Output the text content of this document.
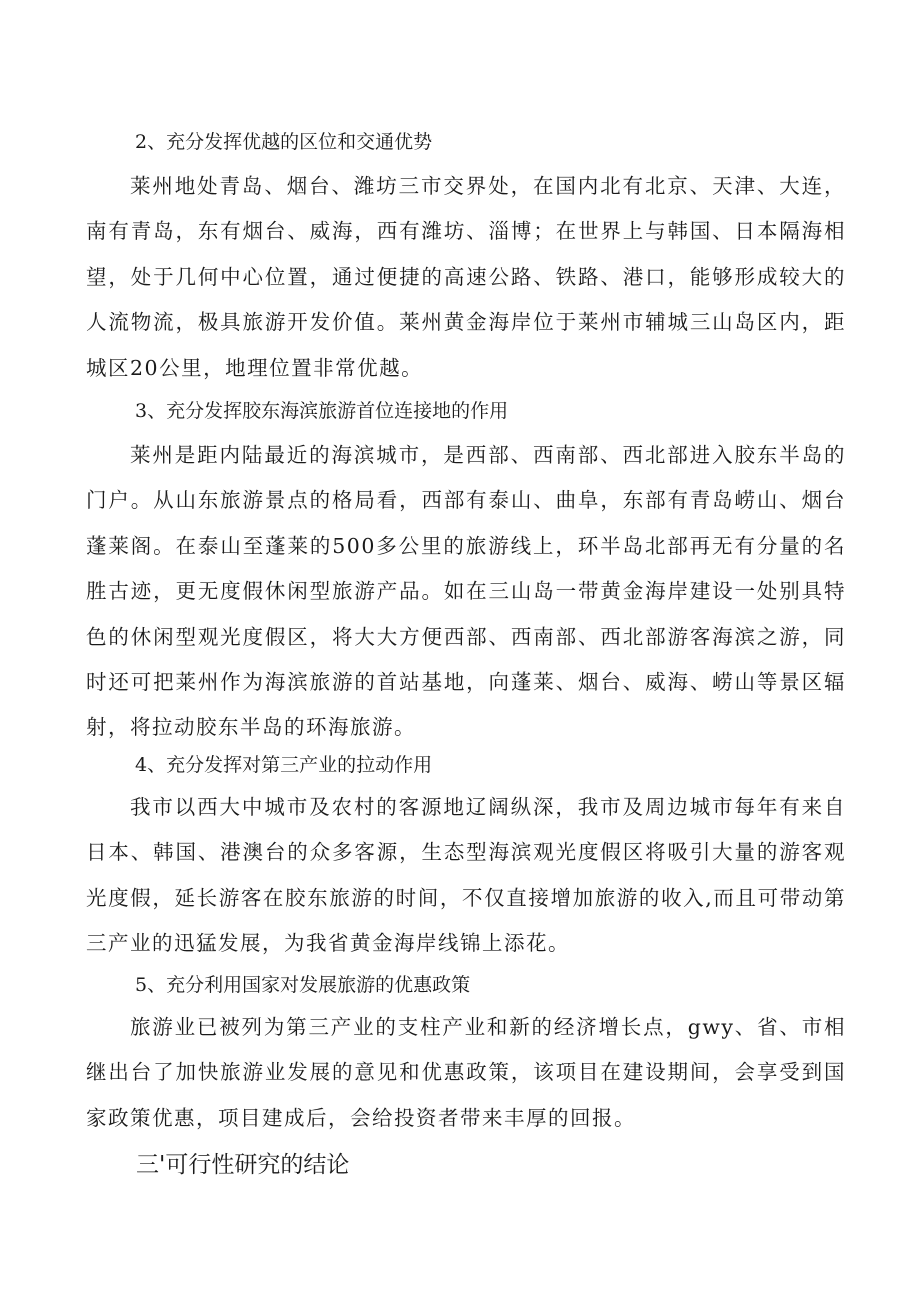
2、充分发挥优越的区位和交通优势
莱州地处青岛、烟台、潍坊三市交界处，在国内北有北京、天津、大连，南有青岛，东有烟台、威海，西有潍坊、淄博；在世界上与韩国、日本隔海相望，处于几何中心位置，通过便捷的高速公路、铁路、港口，能够形成较大的人流物流，极具旅游开发价值。莱州黄金海岸位于莱州市辅城三山岛区内，距城区20公里，地理位置非常优越。
3、充分发挥胶东海滨旅游首位连接地的作用
莱州是距内陆最近的海滨城市，是西部、西南部、西北部进入胶东半岛的门户。从山东旅游景点的格局看，西部有泰山、曲阜，东部有青岛崂山、烟台蓬莱阁。在泰山至蓬莱的500多公里的旅游线上，环半岛北部再无有分量的名胜古迹，更无度假休闲型旅游产品。如在三山岛一带黄金海岸建设一处别具特色的休闲型观光度假区，将大大方便西部、西南部、西北部游客海滨之游，同时还可把莱州作为海滨旅游的首站基地，向蓬莱、烟台、威海、崂山等景区辐射，将拉动胶东半岛的环海旅游。
4、充分发挥对第三产业的拉动作用
我市以西大中城市及农村的客源地辽阔纵深，我市及周边城市每年有来自日本、韩国、港澳台的众多客源，生态型海滨观光度假区将吸引大量的游客观光度假，延长游客在胶东旅游的时间，不仅直接增加旅游的收入,而且可带动第三产业的迅猛发展，为我省黄金海岸线锦上添花。
5、充分利用国家对发展旅游的优惠政策
旅游业已被列为第三产业的支柱产业和新的经济增长点，gwy、省、市相继出台了加快旅游业发展的意见和优惠政策，该项目在建设期间，会享受到国家政策优惠，项目建成后，会给投资者带来丰厚的回报。
三'可行性研究的结论
